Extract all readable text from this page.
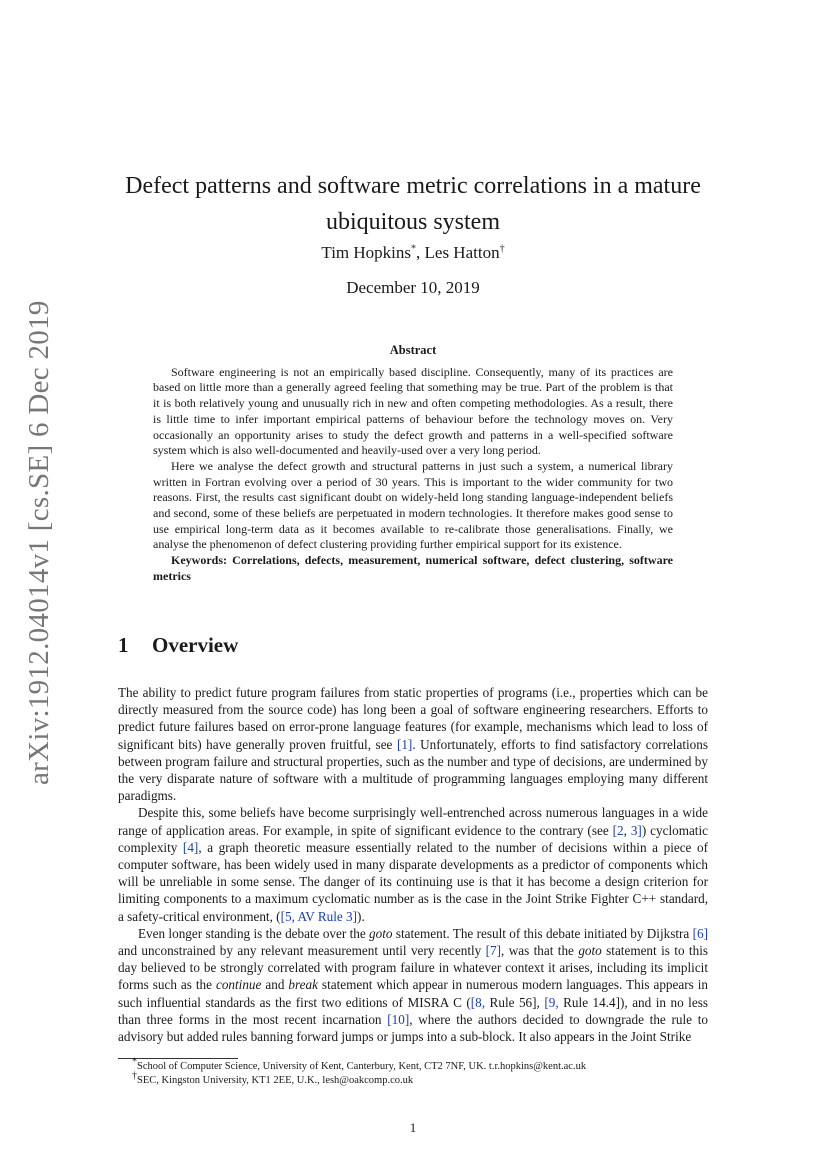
arXiv:1912.04014v1 [cs.SE] 6 Dec 2019
Defect patterns and software metric correlations in a mature ubiquitous system
Tim Hopkins*, Les Hatton†
December 10, 2019
Abstract

Software engineering is not an empirically based discipline. Consequently, many of its practices are based on little more than a generally agreed feeling that something may be true. Part of the problem is that it is both relatively young and unusually rich in new and often competing methodologies. As a result, there is little time to infer important empirical patterns of behaviour before the technology moves on. Very occasionally an opportunity arises to study the defect growth and patterns in a well-specified software system which is also well-documented and heavily-used over a very long period.

Here we analyse the defect growth and structural patterns in just such a system, a numerical library written in Fortran evolving over a period of 30 years. This is important to the wider community for two reasons. First, the results cast significant doubt on widely-held long standing language-independent beliefs and second, some of these beliefs are perpetuated in modern technologies. It therefore makes good sense to use empirical long-term data as it becomes available to re-calibrate those generalisations. Finally, we analyse the phenomenon of defect clustering providing further empirical support for its existence.

Keywords: Correlations, defects, measurement, numerical software, defect clustering, software metrics

1 Overview

The ability to predict future program failures from static properties of programs (i.e., properties which can be directly measured from the source code) has long been a goal of software engineering researchers. Efforts to predict future failures based on error-prone language features (for example, mechanisms which lead to loss of significant bits) have generally proven fruitful, see [1]. Unfortunately, efforts to find satisfactory correlations between program failure and structural properties, such as the number and type of decisions, are undermined by the very disparate nature of software with a multitude of programming languages employing many different paradigms.

Despite this, some beliefs have become surprisingly well-entrenched across numerous languages in a wide range of application areas. For example, in spite of significant evidence to the contrary (see [2, 3]) cyclomatic complexity [4], a graph theoretic measure essentially related to the number of decisions within a piece of computer software, has been widely used in many disparate developments as a predictor of components which will be unreliable in some sense. The danger of its continuing use is that it has become a design criterion for limiting components to a maximum cyclomatic number as is the case in the Joint Strike Fighter C++ standard, a safety-critical environment, ([5, AV Rule 3]).

Even longer standing is the debate over the goto statement. The result of this debate initiated by Dijkstra [6] and unconstrained by any relevant measurement until very recently [7], was that the goto statement is to this day believed to be strongly correlated with program failure in whatever context it arises, including its implicit forms such as the continue and break statement which appear in numerous modern languages. This appears in such influential standards as the first two editions of MISRA C ([8, Rule 56], [9, Rule 14.4]), and in no less than three forms in the most recent incarnation [10], where the authors decided to downgrade the rule to advisory but added rules banning forward jumps or jumps into a sub-block. It also appears in the Joint Strike

*School of Computer Science, University of Kent, Canterbury, Kent, CT2 7NF, UK. t.r.hopkins@kent.ac.uk
†SEC, Kingston University, KT1 2EE, U.K., lesh@oakcomp.co.uk
1
